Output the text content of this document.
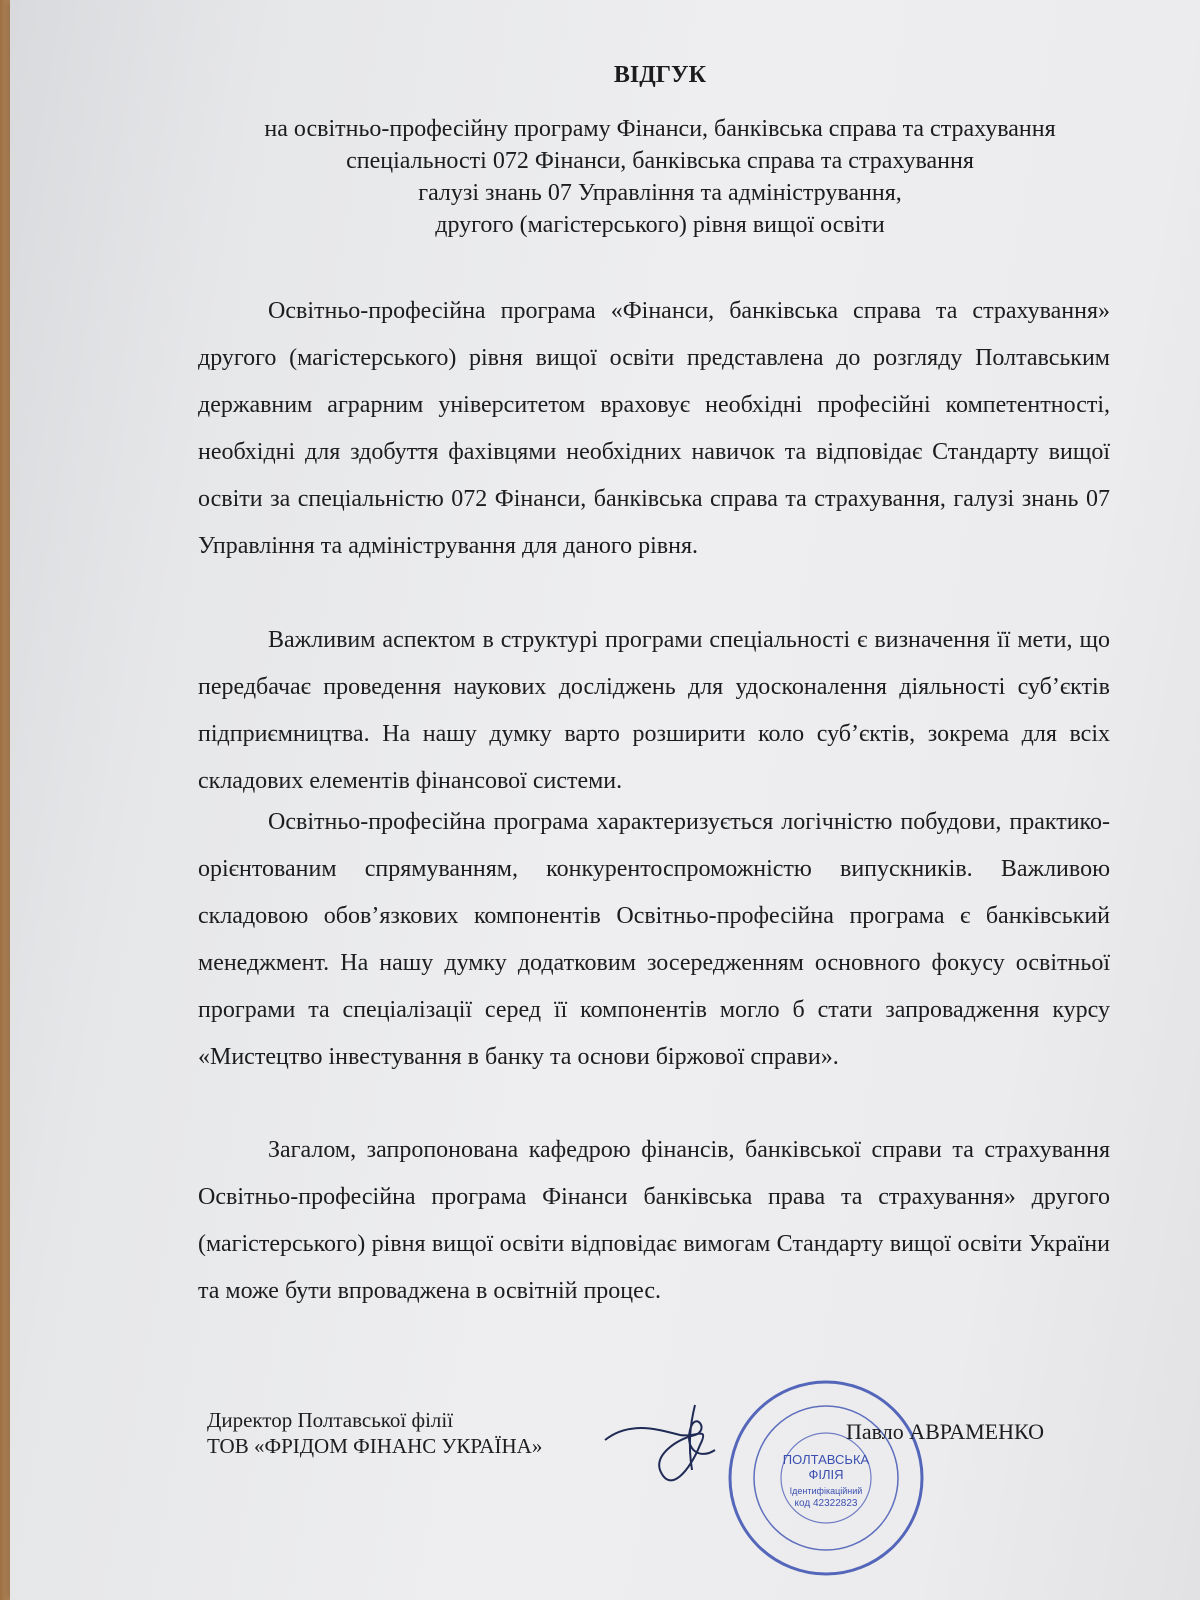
ВІДГУК
на освітньо-професійну програму Фінанси, банківська справа та страхування
спеціальності 072 Фінанси, банківська справа та страхування
галузі знань 07 Управління та адміністрування,
другого (магістерського) рівня вищої освіти

Освітньо-професійна програма «Фінанси, банківська справа та страхування» другого (магістерського) рівня вищої освіти представлена до розгляду Полтавським державним аграрним університетом враховує необхідні професійні компетентності, необхідні для здобуття фахівцями необхідних навичок та відповідає Стандарту вищої освіти за спеціальністю 072 Фінанси, банківська справа та страхування, галузі знань 07 Управління та адміністрування для даного рівня.

Важливим аспектом в структурі програми спеціальності є визначення її мети, що передбачає проведення наукових досліджень для удосконалення діяльності суб’єктів підприємництва. На нашу думку варто розширити коло суб’єктів, зокрема для всіх складових елементів фінансової системи.

Освітньо-професійна програма характеризується логічністю побудови, практико-орієнтованим спрямуванням, конкурентоспроможністю випускників. Важливою складовою обов’язкових компонентів Освітньо-професійна програма є банківський менеджмент. На нашу думку додатковим зосередженням основного фокусу освітньої програми та спеціалізації серед її компонентів могло б стати запровадження курсу «Мистецтво інвестування в банку та основи біржової справи».

Загалом, запропонована кафедрою фінансів, банківської справи та страхування Освітньо-професійна програма Фінанси банківська права та страхування» другого (магістерського) рівня вищої освіти відповідає вимогам Стандарту вищої освіти України та може бути впроваджена в освітній процес.

Директор Полтавської філії
ТОВ «ФРІДОМ ФІНАНС УКРАЇНА»
ПОЛТАВСЬКА
ФІЛІЯ
Ідентифікаційний
код 42322823
Павло АВРАМЕНКО
